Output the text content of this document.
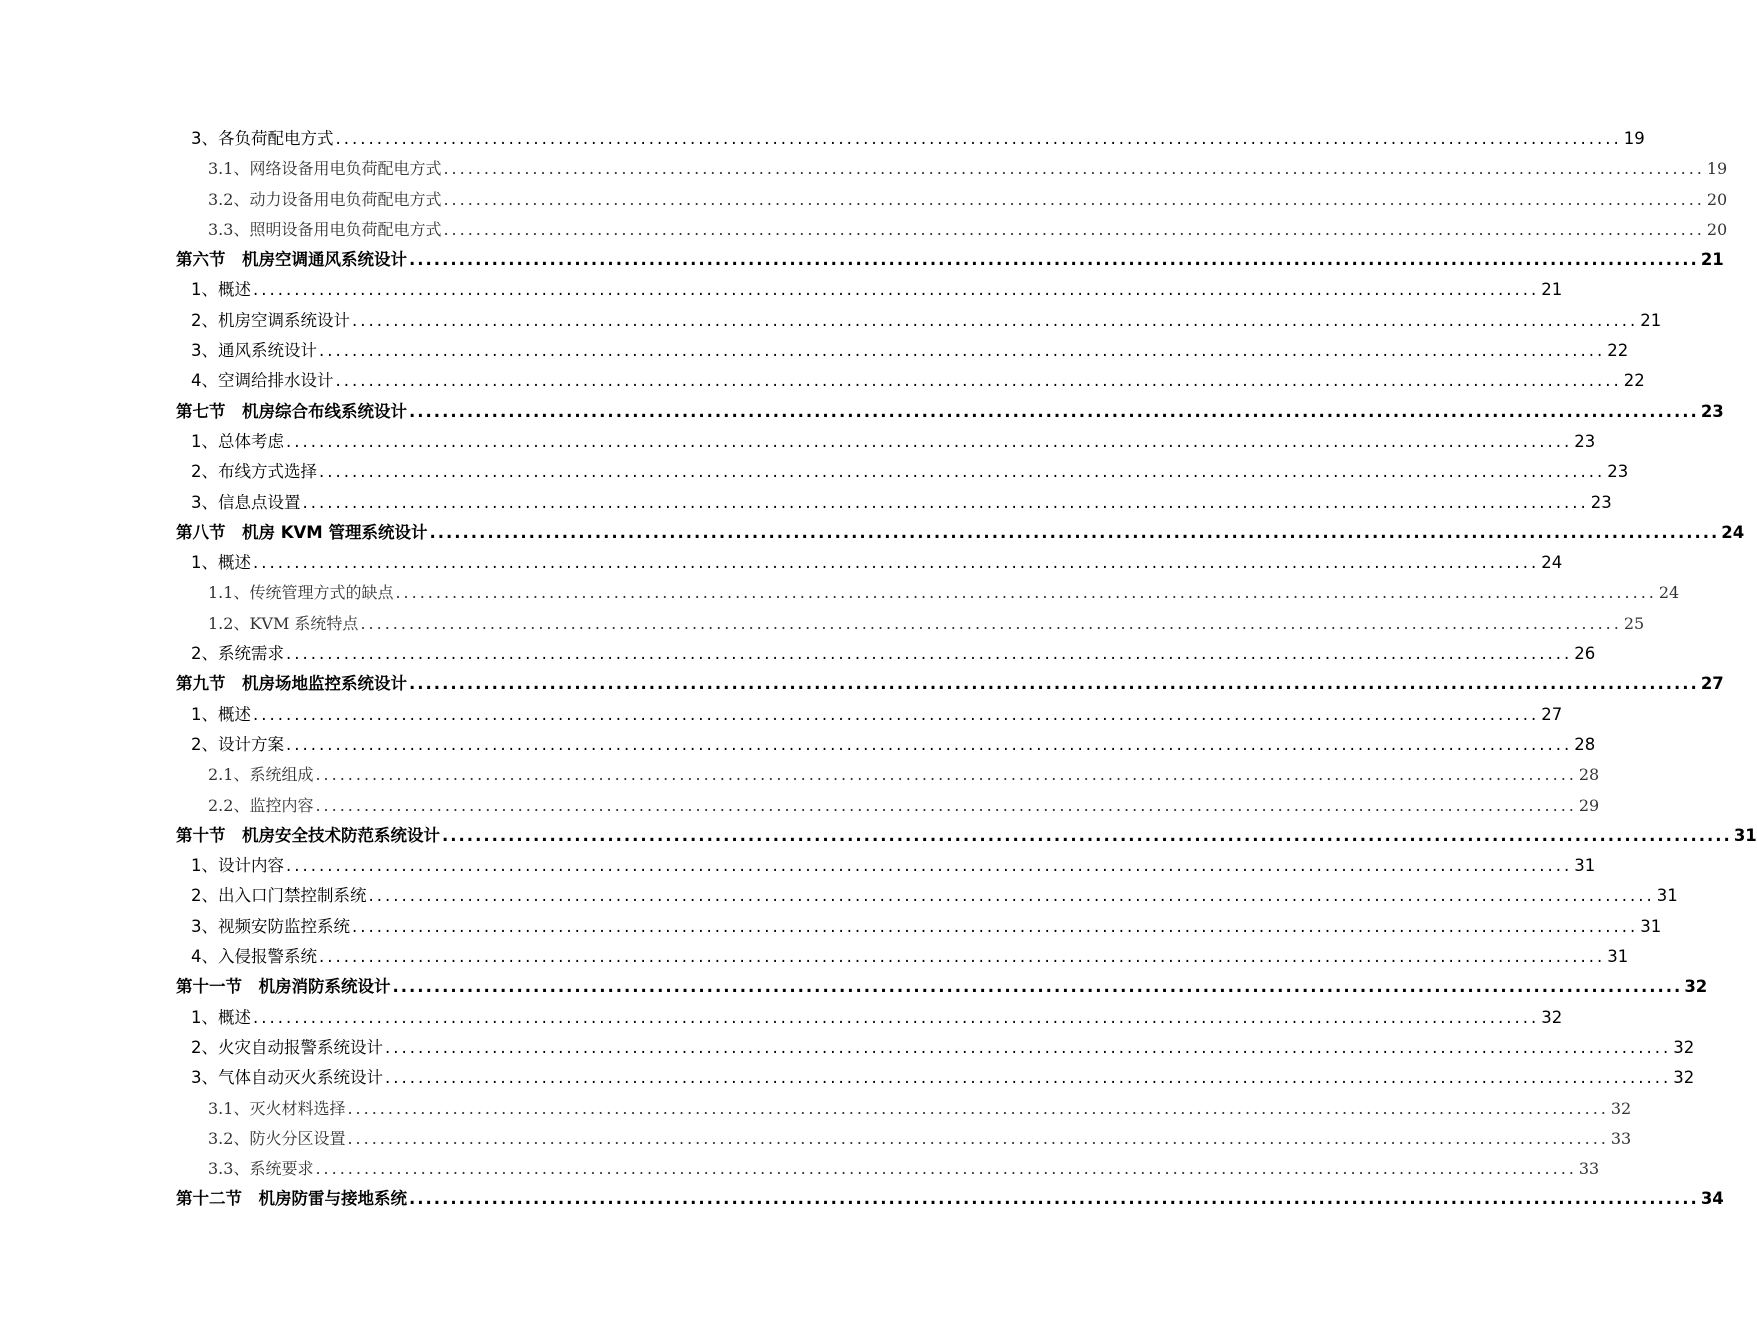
3、各负荷配电方式 ............................................................................................................................................................ 19
3.1、网络设备用电负荷配电方式 ............................................................................................................................................................ 19
3.2、动力设备用电负荷配电方式 ............................................................................................................................................................ 20
3.3、照明设备用电负荷配电方式 ............................................................................................................................................................ 20
第六节　机房空调通风系统设计 ............................................................................................................................................................ 21
1、概述 ............................................................................................................................................................ 21
2、机房空调系统设计 ............................................................................................................................................................ 21
3、通风系统设计 ............................................................................................................................................................ 22
4、空调给排水设计 ............................................................................................................................................................ 22
第七节　机房综合布线系统设计 ............................................................................................................................................................ 23
1、总体考虑 ............................................................................................................................................................ 23
2、布线方式选择 ............................................................................................................................................................ 23
3、信息点设置 ............................................................................................................................................................ 23
第八节　机房 KVM 管理系统设计 ............................................................................................................................................................ 24
1、概述 ............................................................................................................................................................ 24
1.1、传统管理方式的缺点 ............................................................................................................................................................ 24
1.2、KVM 系统特点 ............................................................................................................................................................ 25
2、系统需求 ............................................................................................................................................................ 26
第九节　机房场地监控系统设计 ............................................................................................................................................................ 27
1、概述 ............................................................................................................................................................ 27
2、设计方案 ............................................................................................................................................................ 28
2.1、系统组成 ............................................................................................................................................................ 28
2.2、监控内容 ............................................................................................................................................................ 29
第十节　机房安全技术防范系统设计 ............................................................................................................................................................ 31
1、设计内容 ............................................................................................................................................................ 31
2、出入口门禁控制系统 ............................................................................................................................................................ 31
3、视频安防监控系统 ............................................................................................................................................................ 31
4、入侵报警系统 ............................................................................................................................................................ 31
第十一节　机房消防系统设计 ............................................................................................................................................................ 32
1、概述 ............................................................................................................................................................ 32
2、火灾自动报警系统设计 ............................................................................................................................................................ 32
3、气体自动灭火系统设计 ............................................................................................................................................................ 32
3.1、灭火材料选择 ............................................................................................................................................................ 32
3.2、防火分区设置 ............................................................................................................................................................ 33
3.3、系统要求 ............................................................................................................................................................ 33
第十二节　机房防雷与接地系统 ............................................................................................................................................................ 34
